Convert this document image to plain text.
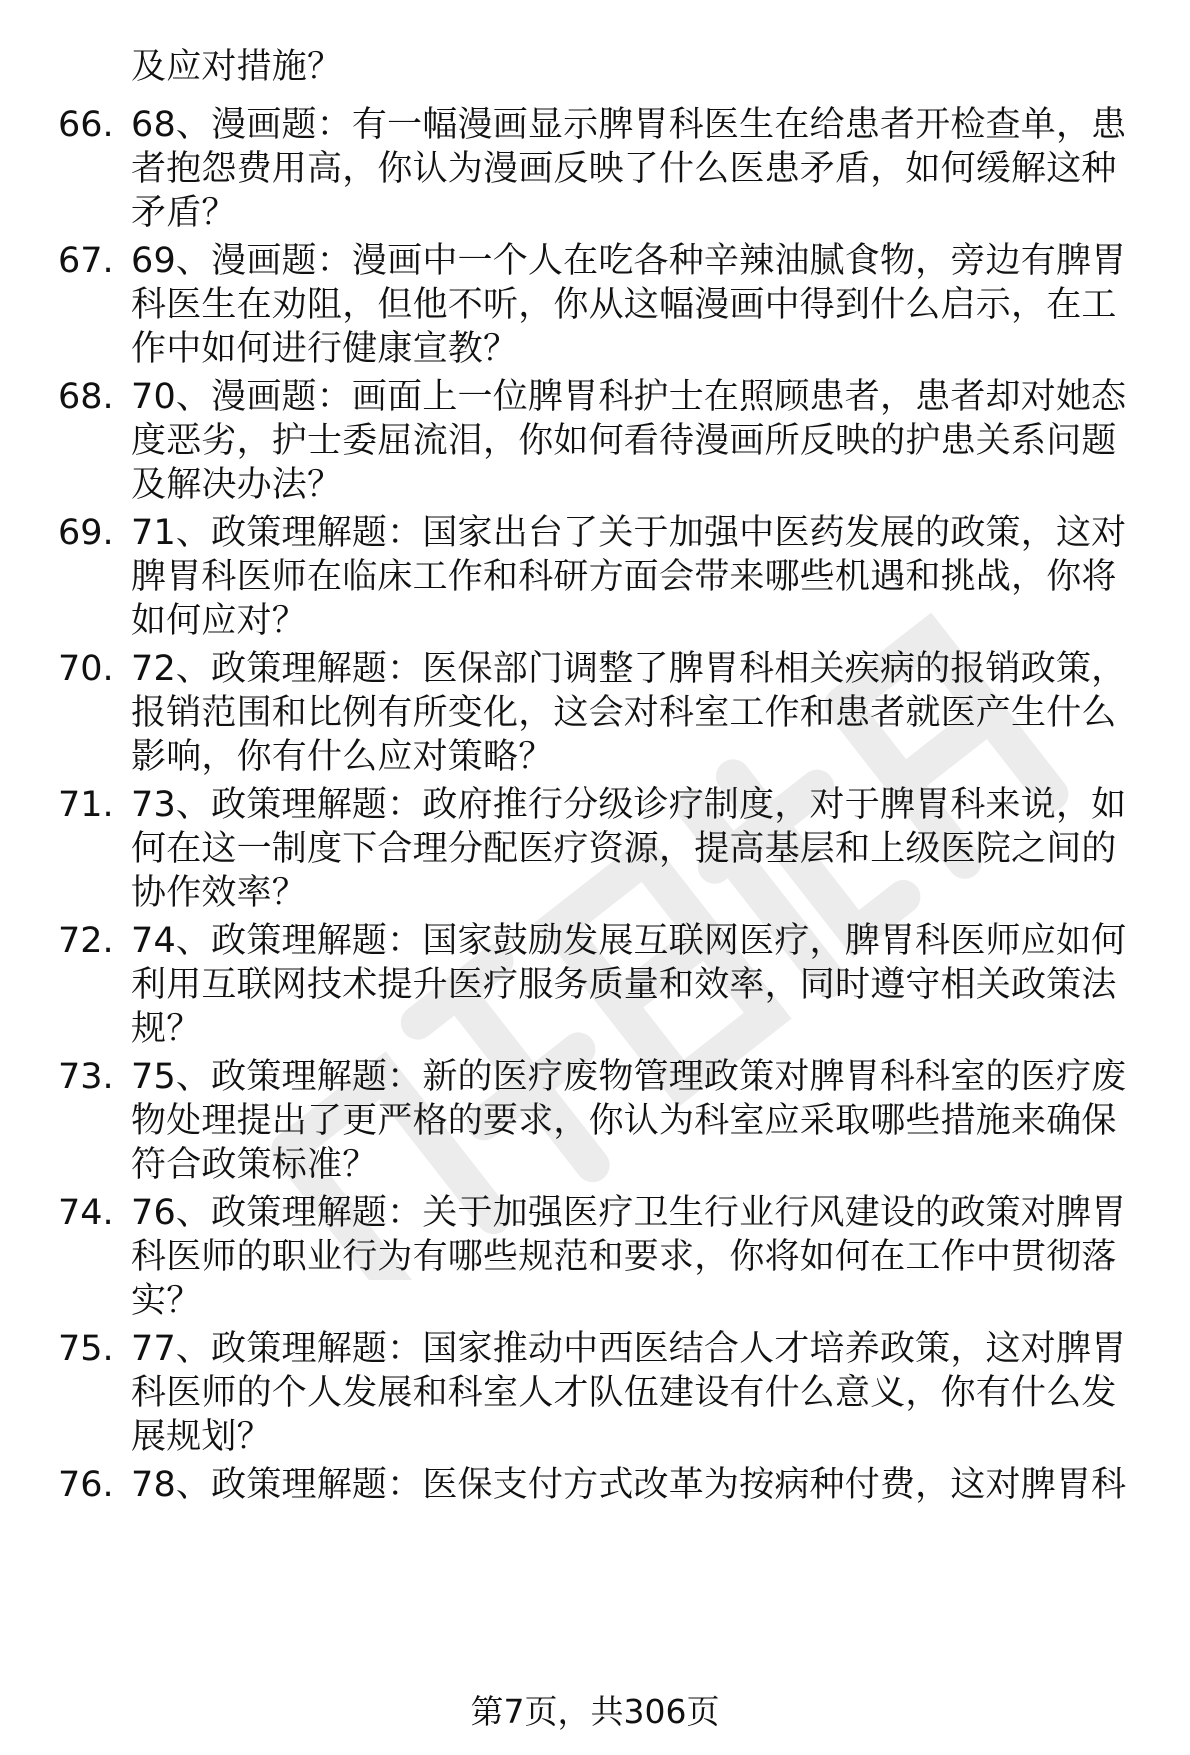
及应对措施？
66. 68、漫画题：有一幅漫画显示脾胃科医生在给患者开检查单，患
者抱怨费用高，你认为漫画反映了什么医患矛盾，如何缓解这种
矛盾？
67. 69、漫画题：漫画中一个人在吃各种辛辣油腻食物，旁边有脾胃
科医生在劝阻，但他不听，你从这幅漫画中得到什么启示，在工
作中如何进行健康宣教？
68. 70、漫画题：画面上一位脾胃科护士在照顾患者，患者却对她态
度恶劣，护士委屈流泪，你如何看待漫画所反映的护患关系问题
及解决办法？
69. 71、政策理解题：国家出台了关于加强中医药发展的政策，这对
脾胃科医师在临床工作和科研方面会带来哪些机遇和挑战，你将
如何应对？
70. 72、政策理解题：医保部门调整了脾胃科相关疾病的报销政策，
报销范围和比例有所变化，这会对科室工作和患者就医产生什么
影响，你有什么应对策略？
71. 73、政策理解题：政府推行分级诊疗制度，对于脾胃科来说，如
何在这一制度下合理分配医疗资源，提高基层和上级医院之间的
协作效率？
72. 74、政策理解题：国家鼓励发展互联网医疗，脾胃科医师应如何
利用互联网技术提升医疗服务质量和效率，同时遵守相关政策法
规？
73. 75、政策理解题：新的医疗废物管理政策对脾胃科科室的医疗废
物处理提出了更严格的要求，你认为科室应采取哪些措施来确保
符合政策标准？
74. 76、政策理解题：关于加强医疗卫生行业行风建设的政策对脾胃
科医师的职业行为有哪些规范和要求，你将如何在工作中贯彻落
实？
75. 77、政策理解题：国家推动中西医结合人才培养政策，这对脾胃
科医师的个人发展和科室人才队伍建设有什么意义，你有什么发
展规划？
76. 78、政策理解题：医保支付方式改革为按病种付费，这对脾胃科
第7页，共306页
